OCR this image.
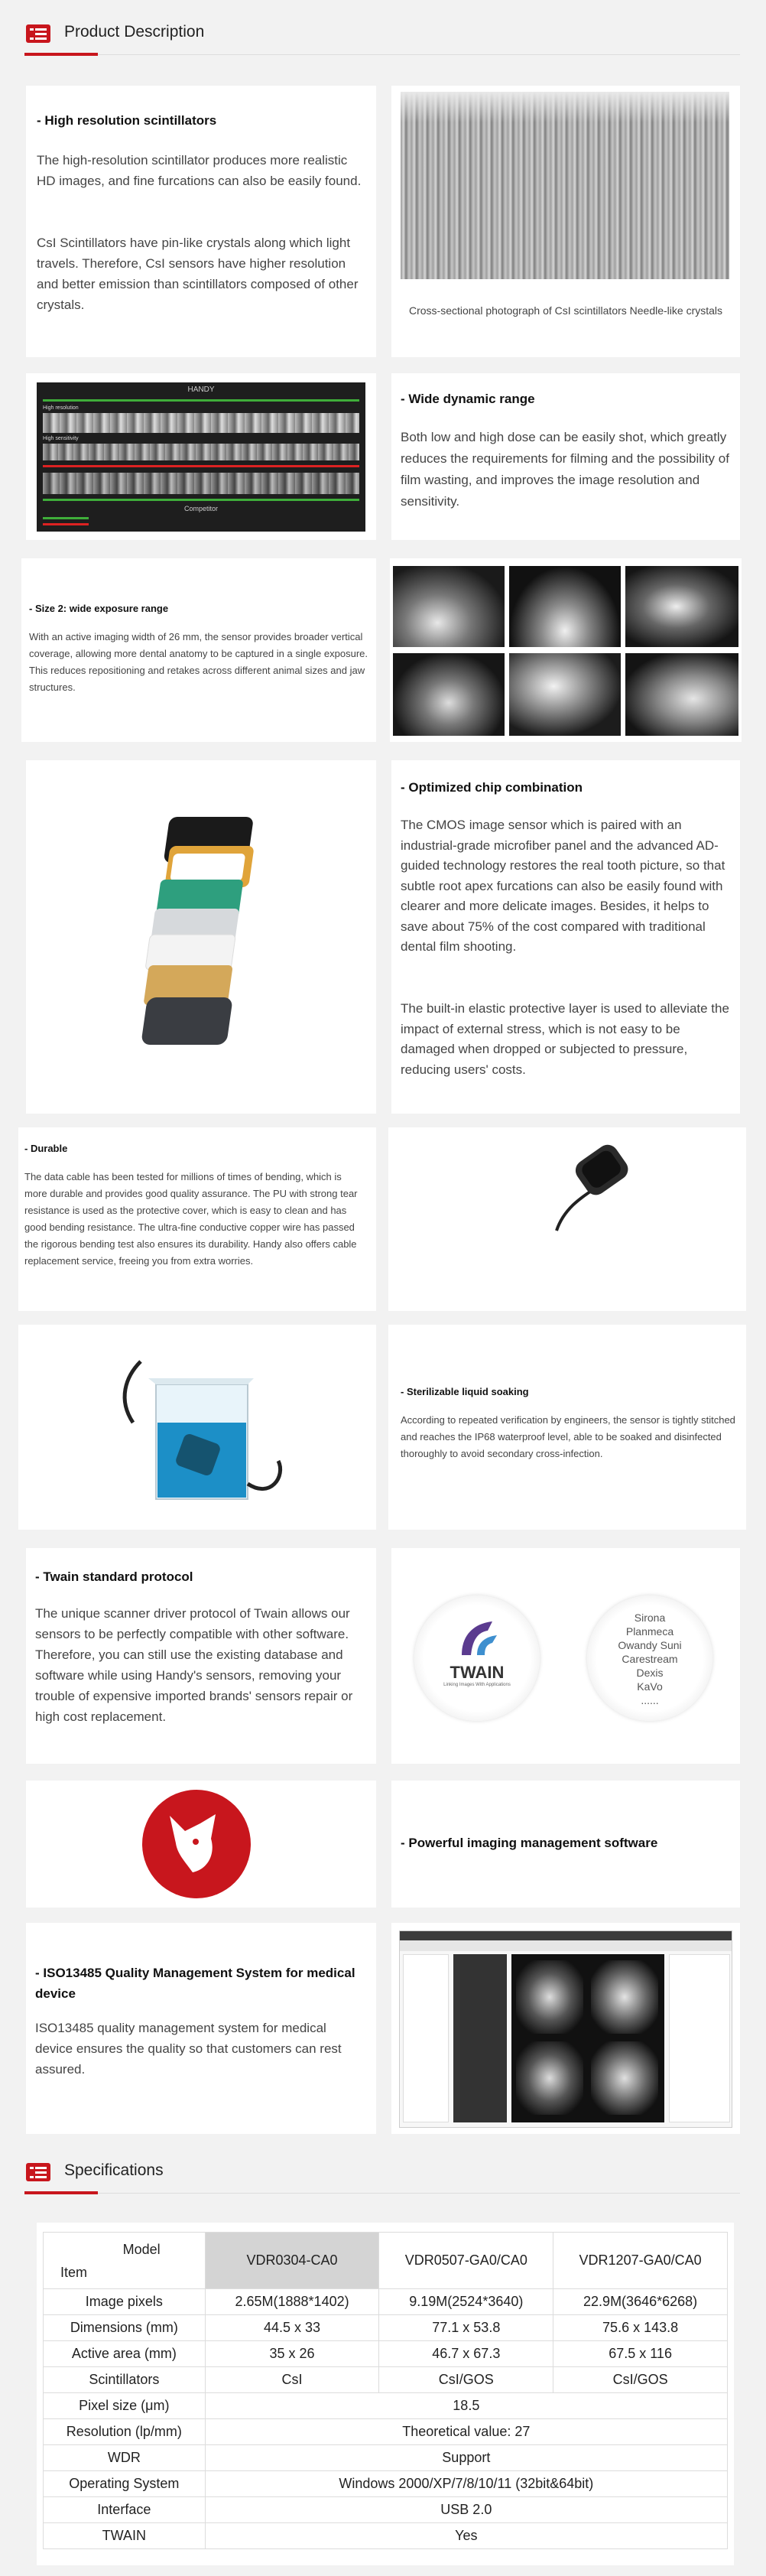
Product Description
- High resolution scintillators
The high-resolution scintillator produces more realistic HD images, and fine furcations can also be easily found.
CsI Scintillators have pin-like crystals along which light travels. Therefore, CsI sensors have higher resolution and better emission than scintillators composed of other crystals.	Cross-sectional photograph of CsI scintillators Needle-like crystals
HANDY
High resolution
High sensitivity
Competitor
- Wide dynamic range
Both low and high dose can be easily shot, which greatly reduces the requirements for filming and the possibility of film wasting, and improves the image resolution and sensitivity.
- Size 2: wide exposure range
With an active imaging width of 26 mm, the sensor provides broader vertical coverage, allowing more dental anatomy to be captured in a single exposure. This reduces repositioning and retakes across different animal sizes and jaw structures.
- Optimized chip combination
The CMOS image sensor which is paired with an industrial-grade microfiber panel and the advanced AD-guided technology restores the real tooth picture, so that subtle root apex furcations can also be easily found with clearer and more delicate images. Besides, it helps to save about 75% of the cost compared with traditional dental film shooting.
The built-in elastic protective layer is used to alleviate the impact of external stress, which is not easy to be damaged when dropped or subjected to pressure, reducing users' costs.
- Durable
The data cable has been tested for millions of times of bending, which is more durable and provides good quality assurance. The PU with strong tear resistance is used as the protective cover, which is easy to clean and has good bending resistance. The ultra-fine conductive copper wire has passed the rigorous bending test also ensures its durability. Handy also offers cable replacement service, freeing you from extra worries.
- Sterilizable liquid soaking
According to repeated verification by engineers, the sensor is tightly stitched and reaches the IP68 waterproof level, able to be soaked and disinfected thoroughly to avoid secondary cross-infection.
- Twain standard protocol
The unique scanner driver protocol of Twain allows our sensors to be perfectly compatible with other software. Therefore, you can still use the existing database and software while using Handy's sensors, removing your trouble of expensive imported brands' sensors repair or high cost replacement.
TWAIN
Linking Images With Applications
Sirona
Planmeca
Owandy Suni
Carestream
Dexis
KaVo
......
- Powerful imaging management software
- ISO13485 Quality Management System for medical device
ISO13485 quality management system for medical device ensures the quality so that customers can rest assured.
Specifications
Model
Item	VDR0304-CA0	VDR0507-GA0/CA0	VDR1207-GA0/CA0
Image pixels	2.65M(1888*1402)	9.19M(2524*3640)	22.9M(3646*6268)
Dimensions (mm)	44.5 x 33	77.1 x 53.8	75.6 x 143.8
Active area (mm)	35 x 26	46.7 x 67.3	67.5 x 116
Scintillators	CsI	CsI/GOS	CsI/GOS
Pixel size (μm)	18.5		
Resolution (lp/mm)	Theoretical value: 27		
WDR	Support		
Operating System	Windows 2000/XP/7/8/10/11 (32bit&64bit)		
Interface	USB 2.0		
TWAIN	Yes		
